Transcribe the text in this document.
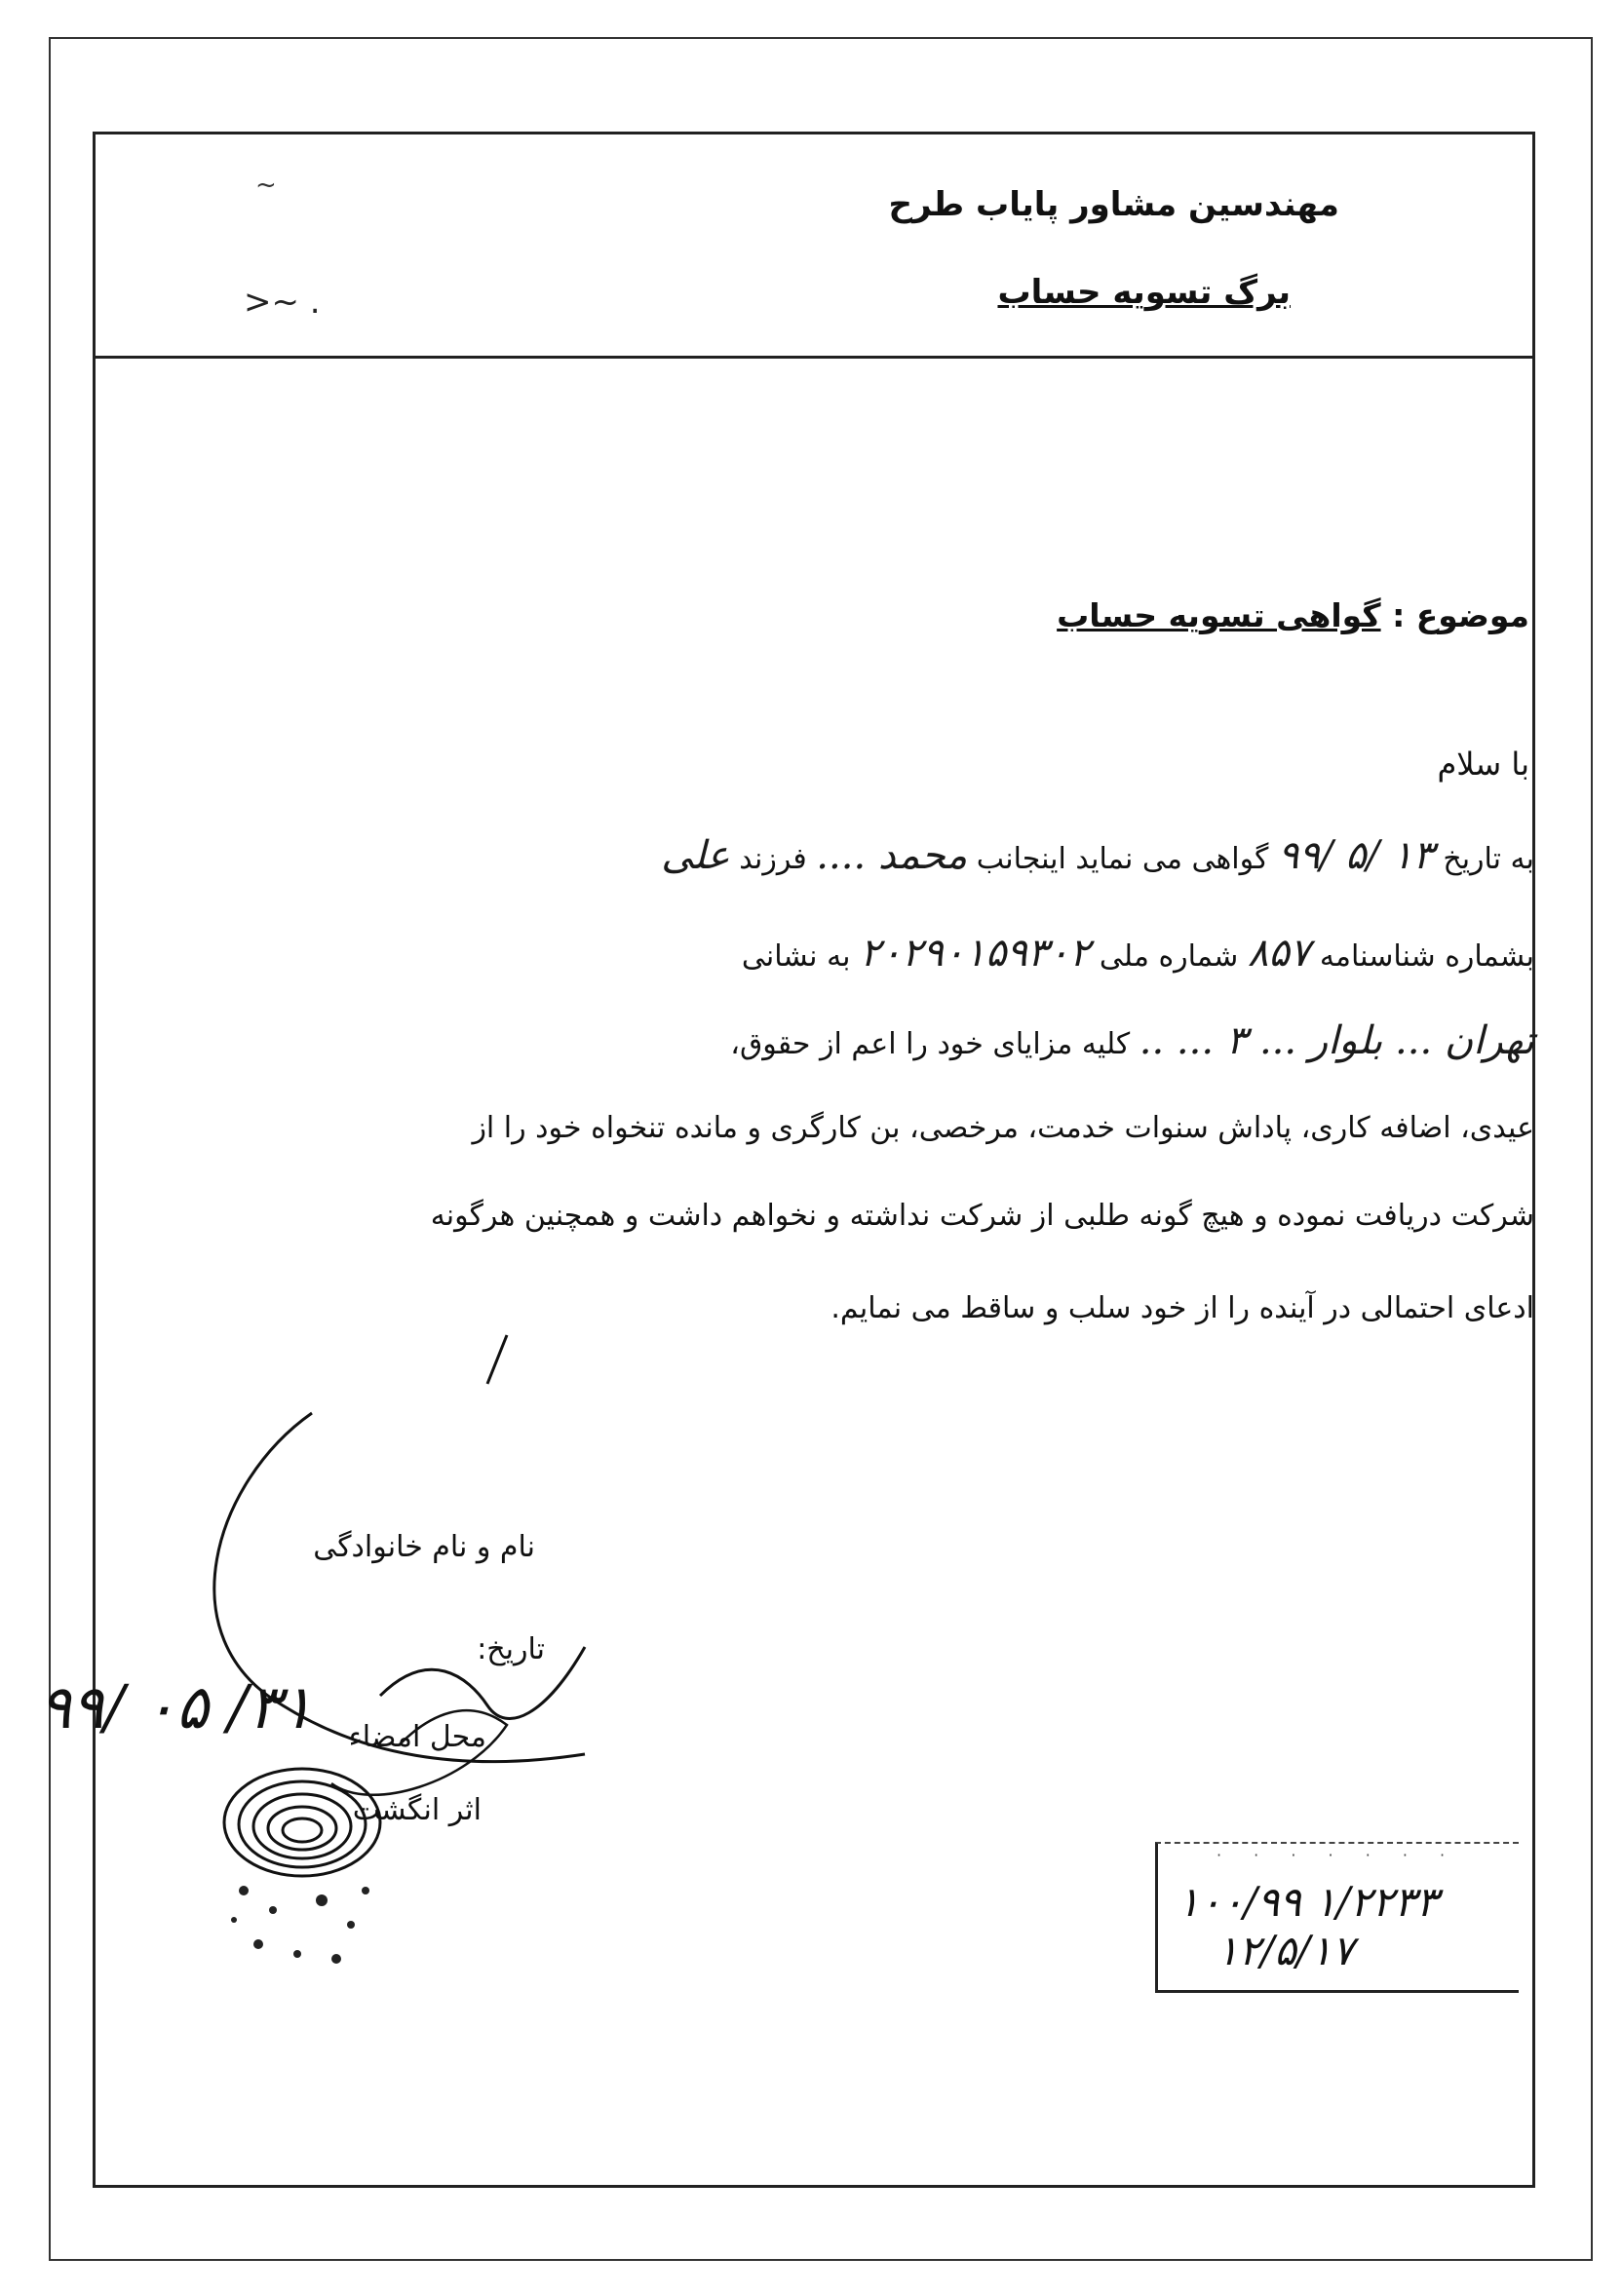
~
>~ .
مهندسین مشاور پایاب طرح
برگ تسویه حساب
موضوع : گواهی تسویه حساب
با سلام
به تاریخ ۱۳ /۵ /۹۹ گواهی می نماید اینجانب محمد .... فرزند علی
بشماره شناسنامه ۸۵۷ شماره ملی ۲۰۲۹۰۱۵۹۳۰۲ به نشانی
تهران ... بلوار ... ۳ ... .. کلیه مزایای خود را اعم از حقوق،
عیدی، اضافه کاری، پاداش سنوات خدمت، مرخصی، بن کارگری و مانده تنخواه خود را از
شرکت دریافت نموده و هیچ گونه طلبی از شرکت نداشته و نخواهم داشت و همچنین هرگونه
ادعای احتمالی در آینده را از خود سلب و ساقط می نمایم.
نام و نام خانوادگی
تاریخ:
محل امضاء
اثر انگشت
۹۹/ ۰۵ /۳۱
· · · · · · ·
۱۰۰/۹۹ ۱/۲۲۳۳
۱۲/۵/۱۷
